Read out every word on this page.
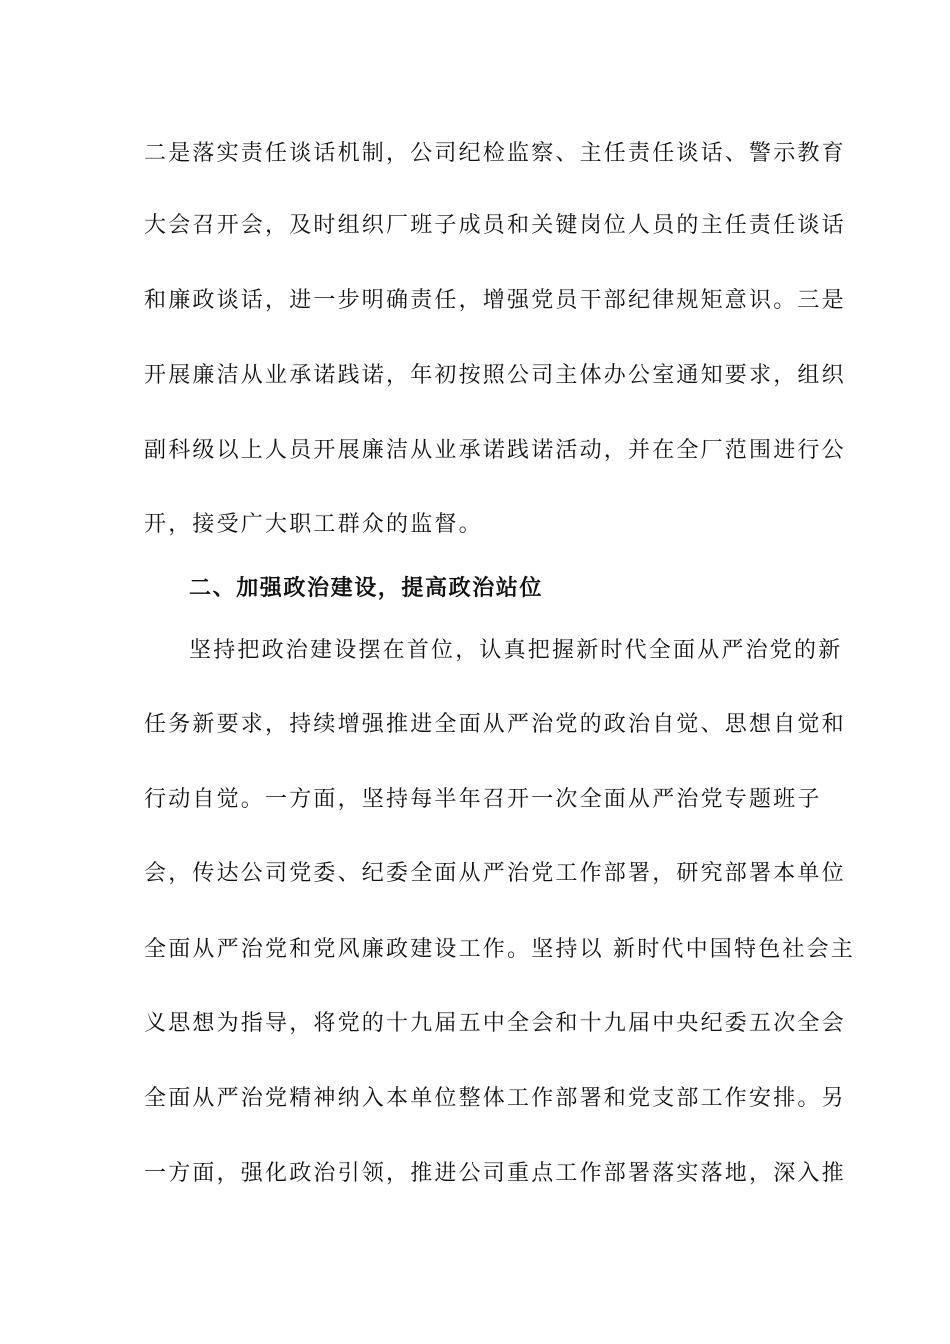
二是落实责任谈话机制，公司纪检监察、主任责任谈话、警示教育
大会召开会，及时组织厂班子成员和关键岗位人员的主任责任谈话
和廉政谈话，进一步明确责任，增强党员干部纪律规矩意识。三是
开展廉洁从业承诺践诺，年初按照公司主体办公室通知要求，组织
副科级以上人员开展廉洁从业承诺践诺活动，并在全厂范围进行公
开，接受广大职工群众的监督。
二、加强政治建设，提高政治站位
坚持把政治建设摆在首位，认真把握新时代全面从严治党的新
任务新要求，持续增强推进全面从严治党的政治自觉、思想自觉和
行动自觉。一方面，坚持每半年召开一次全面从严治党专题班子
会，传达公司党委、纪委全面从严治党工作部署，研究部署本单位
全面从严治党和党风廉政建设工作。坚持以 新时代中国特色社会主
义思想为指导，将党的十九届五中全会和十九届中央纪委五次全会
全面从严治党精神纳入本单位整体工作部署和党支部工作安排。另
一方面，强化政治引领，推进公司重点工作部署落实落地，深入推
